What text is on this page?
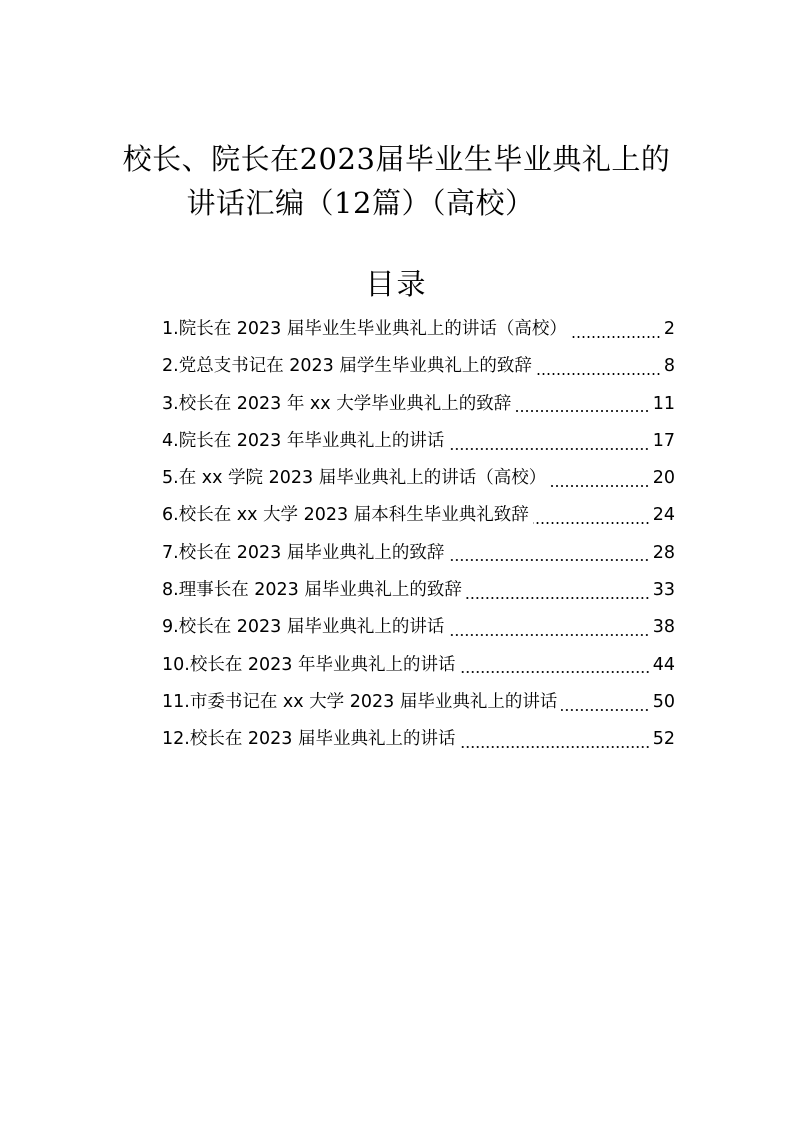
校长、院长在2023届毕业生毕业典礼上的
讲话汇编（12篇）（高校）
目录
1.院长在 2023 届毕业生毕业典礼上的讲话（高校）	2
2.党总支书记在 2023 届学生毕业典礼上的致辞	8
3.校长在 2023 年 xx 大学毕业典礼上的致辞	11
4.院长在 2023 年毕业典礼上的讲话	17
5.在 xx 学院 2023 届毕业典礼上的讲话（高校）	20
6.校长在 xx 大学 2023 届本科生毕业典礼致辞	24
7.校长在 2023 届毕业典礼上的致辞	28
8.理事长在 2023 届毕业典礼上的致辞	33
9.校长在 2023 届毕业典礼上的讲话	38
10.校长在 2023 年毕业典礼上的讲话	44
11.市委书记在 xx 大学 2023 届毕业典礼上的讲话	50
12.校长在 2023 届毕业典礼上的讲话	52
